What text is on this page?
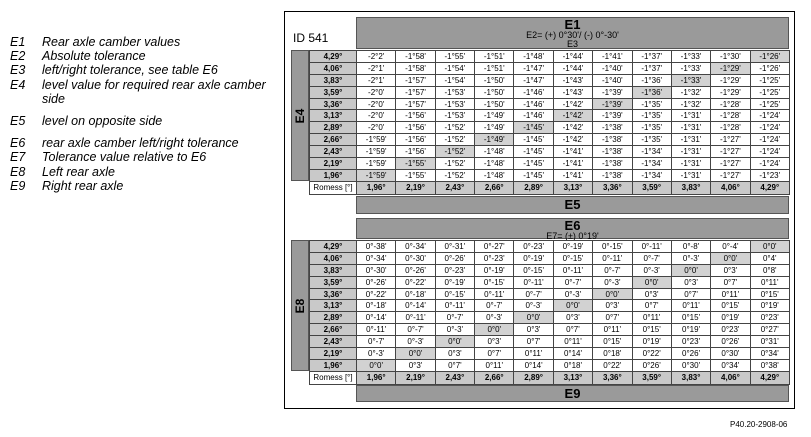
E1	Rear axle camber values
E2	Absolute tolerance
E3	left/right tolerance, see table E6
E4	level value for required rear axle camber side
E5	level on opposite side
E6	rear axle camber left/right tolerance
E7	Tolerance value relative to E6
E8	Left rear axle
E9	Right rear axle
ID 541
E1
E2= (+) 0°30'/ (-) 0°-30'
E3
E4
4,29°	-2°2'	-1°58'	-1°55'	-1°51'	-1°48'	-1°44'	-1°41'	-1°37'	-1°33'	-1°30'	-1°26'
4,06°	-2°1'	-1°58'	-1°54'	-1°51'	-1°47'	-1°44'	-1°40'	-1°37'	-1°33'	-1°29'	-1°26'
3,83°	-2°1'	-1°57'	-1°54'	-1°50'	-1°47'	-1°43'	-1°40'	-1°36'	-1°33'	-1°29'	-1°25'
3,59°	-2°0'	-1°57'	-1°53'	-1°50'	-1°46'	-1°43'	-1°39'	-1°36'	-1°32'	-1°29'	-1°25'
3,36°	-2°0'	-1°57'	-1°53'	-1°50'	-1°46'	-1°42'	-1°39'	-1°35'	-1°32'	-1°28'	-1°25'
3,13°	-2°0'	-1°56'	-1°53'	-1°49'	-1°46'	-1°42'	-1°39'	-1°35'	-1°31'	-1°28'	-1°24'
2,89°	-2°0'	-1°56'	-1°52'	-1°49'	-1°45'	-1°42'	-1°38'	-1°35'	-1°31'	-1°28'	-1°24'
2,66°	-1°59'	-1°56'	-1°52'	-1°49'	-1°45'	-1°42'	-1°38'	-1°35'	-1°31'	-1°27'	-1°24'
2,43°	-1°59'	-1°56'	-1°52'	-1°48'	-1°45'	-1°41'	-1°38'	-1°34'	-1°31'	-1°27'	-1°24'
2,19°	-1°59'	-1°55'	-1°52'	-1°48'	-1°45'	-1°41'	-1°38'	-1°34'	-1°31'	-1°27'	-1°24'
1,96°	-1°59'	-1°55'	-1°52'	-1°48'	-1°45'	-1°41'	-1°38'	-1°34'	-1°31'	-1°27'	-1°23'
Romess [°]	1,96°	2,19°	2,43°	2,66°	2,89°	3,13°	3,36°	3,59°	3,83°	4,06°	4,29°
E5
E6
E7= (±) 0°19'
E8
4,29°	0°-38'	0°-34'	0°-31'	0°-27'	0°-23'	0°-19'	0°-15'	0°-11'	0°-8'	0°-4'	0°0'
4,06°	0°-34'	0°-30'	0°-26'	0°-23'	0°-19'	0°-15'	0°-11'	0°-7'	0°-3'	0°0'	0°4'
3,83°	0°-30'	0°-26'	0°-23'	0°-19'	0°-15'	0°-11'	0°-7'	0°-3'	0°0'	0°3'	0°8'
3,59°	0°-26'	0°-22'	0°-19'	0°-15'	0°-11'	0°-7'	0°-3'	0°0'	0°3'	0°7'	0°11'
3,36°	0°-22'	0°-18'	0°-15'	0°-11'	0°-7'	0°-3'	0°0'	0°3'	0°7'	0°11'	0°15'
3,13°	0°-18'	0°-14'	0°-11'	0°-7'	0°-3'	0°0'	0°3'	0°7'	0°11'	0°15'	0°19'
2,89°	0°-14'	0°-11'	0°-7'	0°-3'	0°0'	0°3'	0°7'	0°11'	0°15'	0°19'	0°23'
2,66°	0°-11'	0°-7'	0°-3'	0°0'	0°3'	0°7'	0°11'	0°15'	0°19'	0°23'	0°27'
2,43°	0°-7'	0°-3'	0°0'	0°3'	0°7'	0°11'	0°15'	0°19'	0°23'	0°26'	0°31'
2,19°	0°-3'	0°0'	0°3'	0°7'	0°11'	0°14'	0°18'	0°22'	0°26'	0°30'	0°34'
1,96°	0°0'	0°3'	0°7'	0°11'	0°14'	0°18'	0°22'	0°26'	0°30'	0°34'	0°38'
Romess [°]	1,96°	2,19°	2,43°	2,66°	2,89°	3,13°	3,36°	3,59°	3,83°	4,06°	4,29°
E9
P40.20-2908-06
